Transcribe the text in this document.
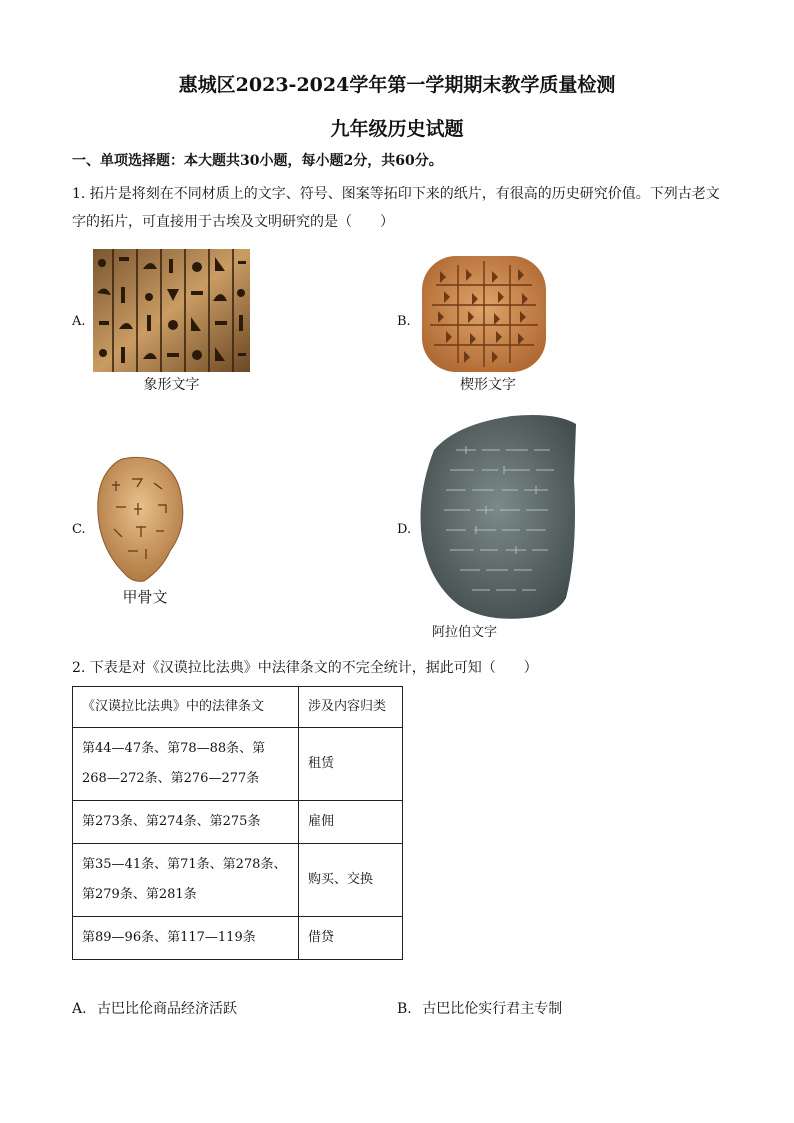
惠城区2023-2024学年第一学期期末教学质量检测
九年级历史试题
一、单项选择题：本大题共30小题，每小题2分，共60分。
1. 拓片是将刻在不同材质上的文字、符号、图案等拓印下来的纸片，有很高的历史研究价值。下列古老文字的拓片，可直接用于古埃及文明研究的是（　　）
A.
象形文字
B.
楔形文字
C.
甲骨文
D.
阿拉伯文字
2. 下表是对《汉谟拉比法典》中法律条文的不完全统计，据此可知（　　）
《汉谟拉比法典》中的法律条文	涉及内容归类
第44—47条、第78—88条、第268—272条、第276—277条	租赁
第273条、第274条、第275条	雇佣
第35—41条、第71条、第278条、第279条、第281条	购买、交换
第89—96条、第117—119条	借贷
A. 古巴比伦商品经济活跃	B. 古巴比伦实行君主专制
